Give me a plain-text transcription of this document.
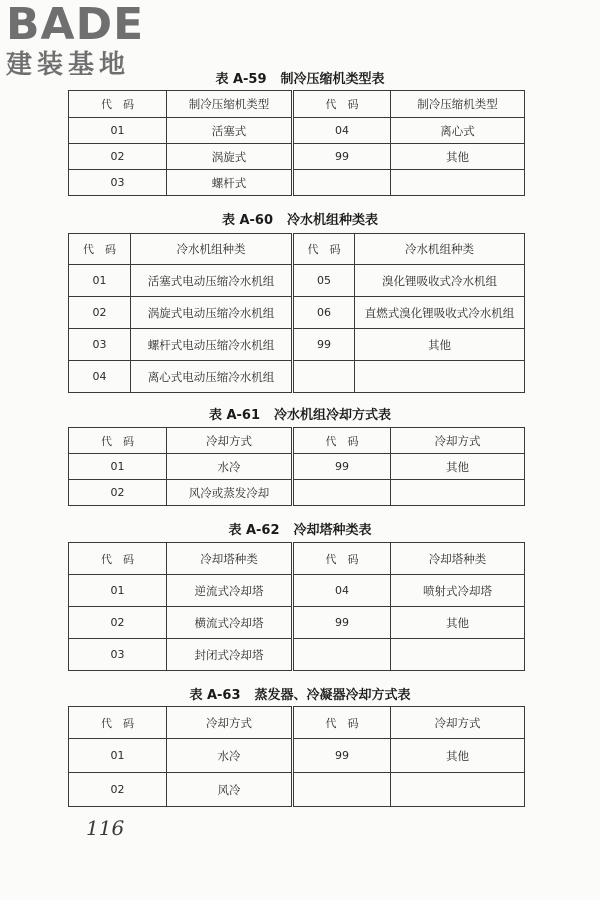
BADE
建装基地	表 A-59 制冷压缩机类型表
代　码	制冷压缩机类型	代　码	制冷压缩机类型
01	活塞式	04	离心式
02	涡旋式	99	其他
03	螺杆式		
表 A-60 冷水机组种类表
代　码	冷水机组种类	代　码	冷水机组种类
01	活塞式电动压缩冷水机组	05	溴化锂吸收式冷水机组
02	涡旋式电动压缩冷水机组	06	直燃式溴化锂吸收式冷水机组
03	螺杆式电动压缩冷水机组	99	其他
04	离心式电动压缩冷水机组		
表 A-61 冷水机组冷却方式表
代　码	冷却方式	代　码	冷却方式
01	水冷	99	其他
02	风冷或蒸发冷却		
表 A-62 冷却塔种类表
代　码	冷却塔种类	代　码	冷却塔种类
01	逆流式冷却塔	04	喷射式冷却塔
02	横流式冷却塔	99	其他
03	封闭式冷却塔		
表 A-63 蒸发器、冷凝器冷却方式表
代　码	冷却方式	代　码	冷却方式
01	水冷	99	其他
02	风冷		
116
